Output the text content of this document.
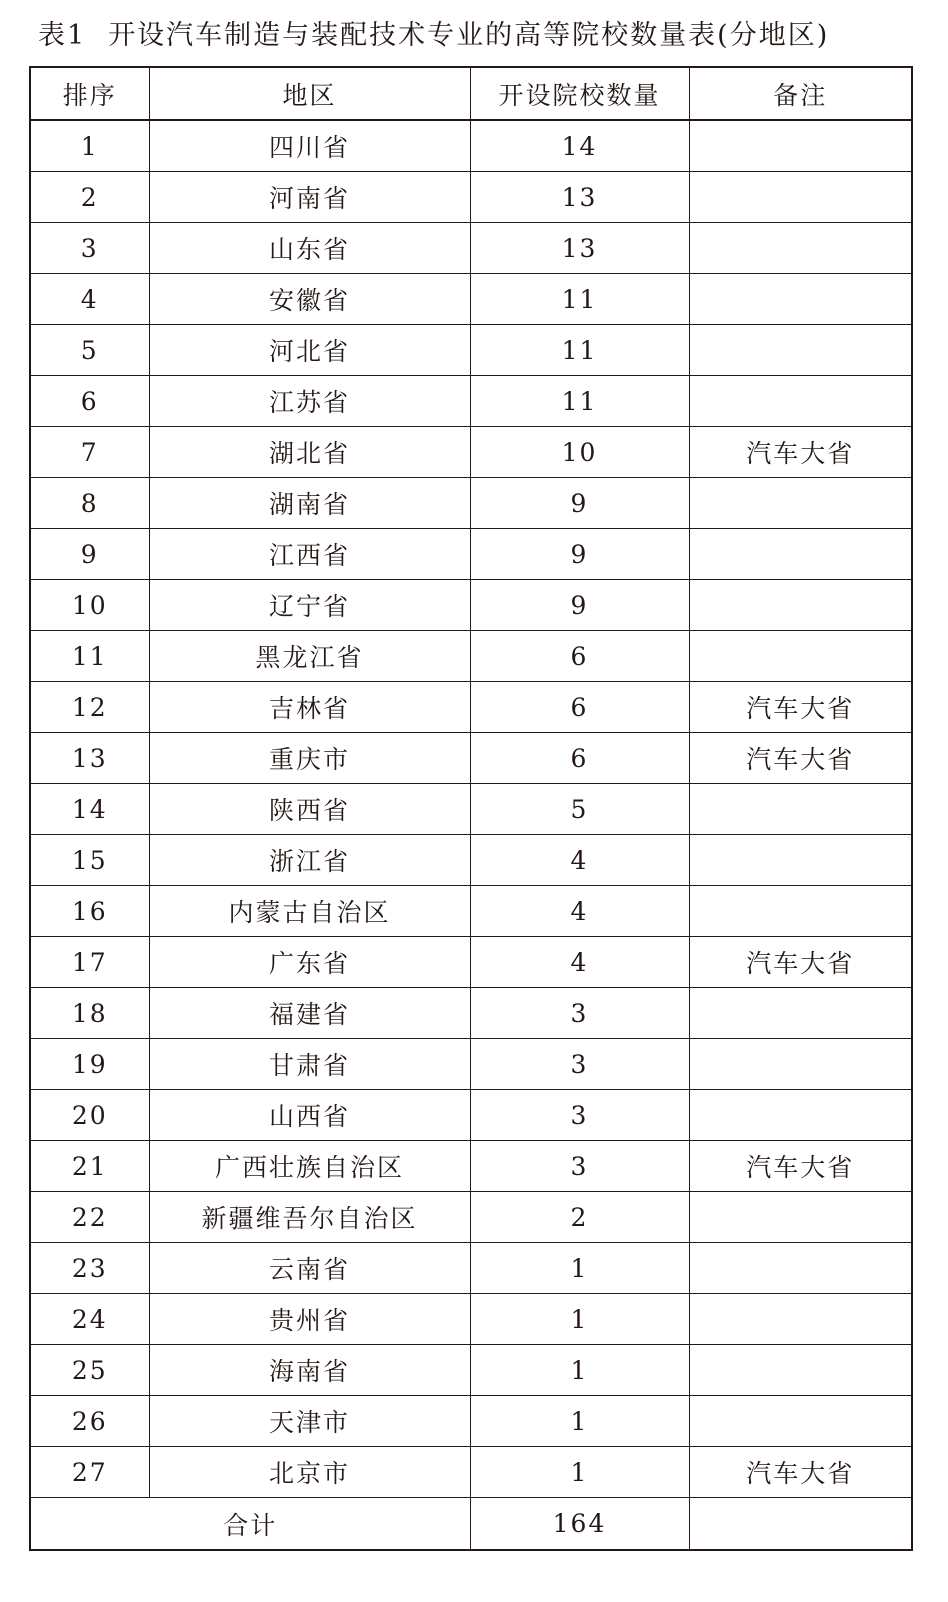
表1 开设汽车制造与装配技术专业的高等院校数量表(分地区)
排序	地区	开设院校数量	备注
1	四川省	14	
2	河南省	13	
3	山东省	13	
4	安徽省	11	
5	河北省	11	
6	江苏省	11	
7	湖北省	10	汽车大省
8	湖南省	9	
9	江西省	9	
10	辽宁省	9	
11	黑龙江省	6	
12	吉林省	6	汽车大省
13	重庆市	6	汽车大省
14	陕西省	5	
15	浙江省	4	
16	内蒙古自治区	4	
17	广东省	4	汽车大省
18	福建省	3	
19	甘肃省	3	
20	山西省	3	
21	广西壮族自治区	3	汽车大省
22	新疆维吾尔自治区	2	
23	云南省	1	
24	贵州省	1	
25	海南省	1	
26	天津市	1	
27	北京市	1	汽车大省
合计		164	
